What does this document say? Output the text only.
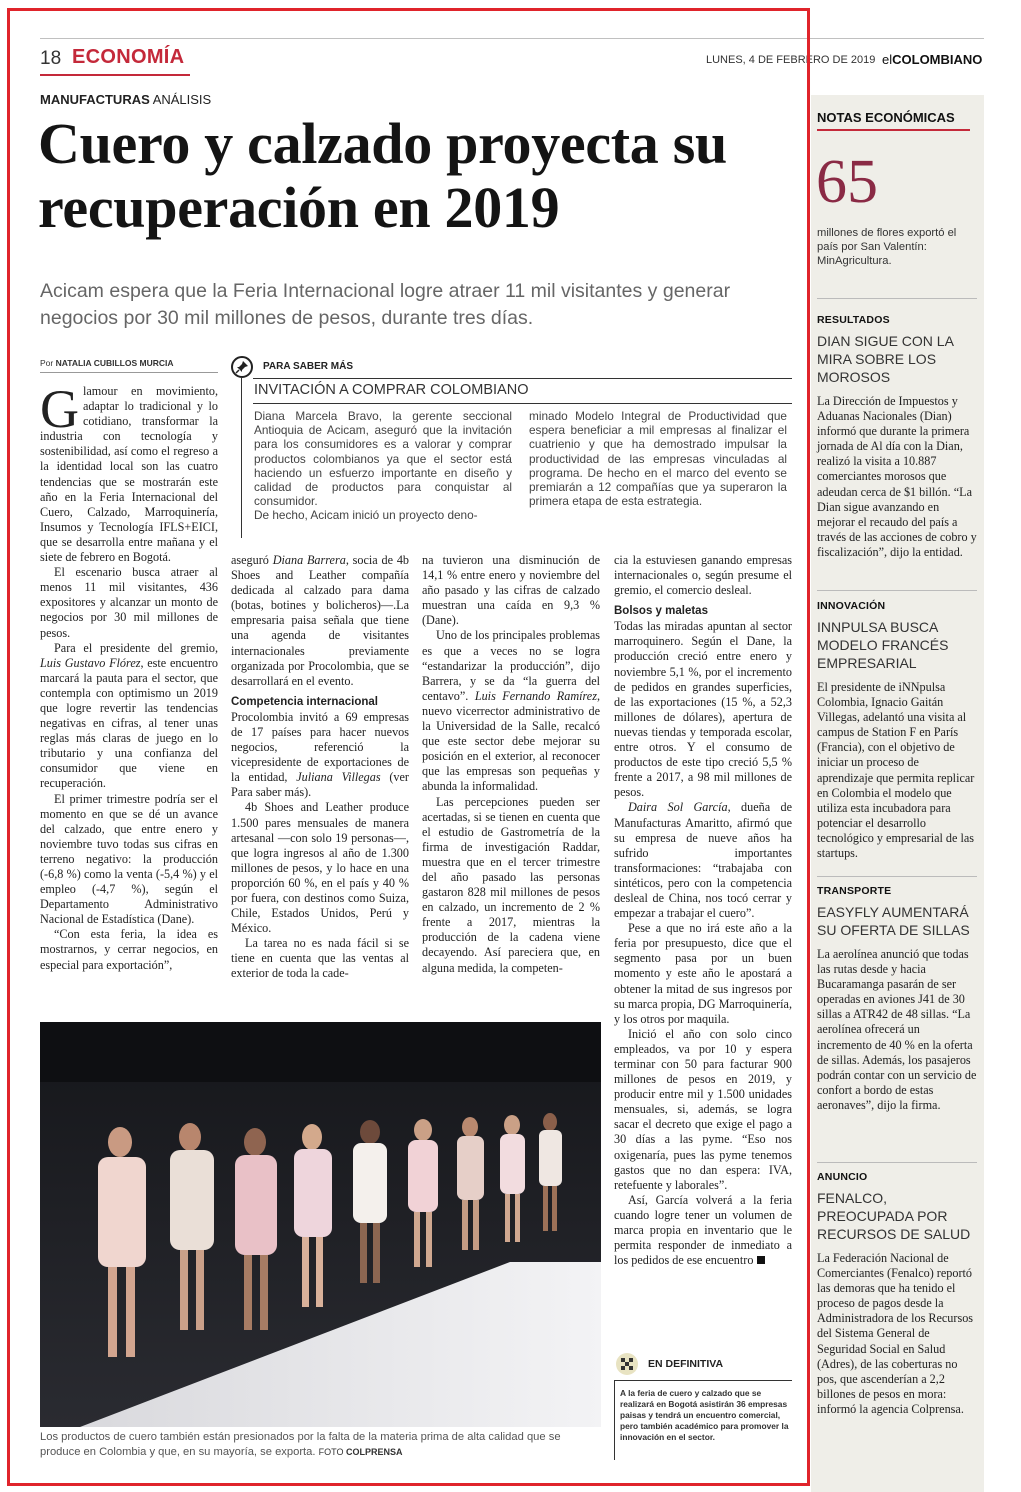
18 ECONOMÍA	LUNES, 4 DE FEBRERO DE 2019 elCOLOMBIANO
MANUFACTURAS ANÁLISIS
Cuero y calzado proyecta su recuperación en 2019
Acicam espera que la Feria Internacional logre atraer 11 mil visitantes y generar negocios por 30 mil millones de pesos, durante tres días.
Por NATALIA CUBILLOS MURCIA

Glamour en movimiento, adaptar lo tradicional y lo cotidiano, transformar la industria con tecnología y sostenibilidad, así como el regreso a la identidad local son las cuatro tendencias que se mostrarán este año en la Feria Internacional del Cuero, Calzado, Marroquinería, Insumos y Tecnología IFLS+EICI, que se desarrolla entre mañana y el siete de febrero en Bogotá.

El escenario busca atraer al menos 11 mil visitantes, 436 expositores y alcanzar un monto de negocios por 30 mil millones de pesos.

Para el presidente del gremio, Luis Gustavo Flórez, este encuentro marcará la pauta para el sector, que contempla con optimismo un 2019 que logre revertir las tendencias negativas en cifras, al tener unas reglas más claras de juego en lo tributario y una confianza del consumidor que viene en recuperación.

El primer trimestre podría ser el momento en que se dé un avance del calzado, que entre enero y noviembre tuvo todas sus cifras en terreno negativo: la producción (-6,8 %) como la venta (-5,4 %) y el empleo (-4,7 %), según el Departamento Administrativo Nacional de Estadística (Dane).

“Con esta feria, la idea es mostrarnos, y cerrar negocios, en especial para exportación”,

PARA SABER MÁS
INVITACIÓN A COMPRAR COLOMBIANO
Diana Marcela Bravo, la gerente seccional Antioquia de Acicam, aseguró que la invitación para los consumidores es a valorar y comprar productos colombianos ya que el sector está haciendo un esfuerzo importante en diseño y calidad de productos para conquistar al consumidor.
De hecho, Acicam inició un proyecto deno-
minado Modelo Integral de Productividad que espera beneficiar a mil empresas al finalizar el cuatrienio y que ha demostrado impulsar la productividad de las empresas vinculadas al programa. De hecho en el marco del evento se premiarán a 12 compañías que ya superaron la primera etapa de esta estrategia.

aseguró Diana Barrera, socia de 4b Shoes and Leather compañía dedicada al calzado para dama (botas, botines y bolicheros)—.La empresaria paisa señala que tiene una agenda de visitantes internacionales previamente organizada por Procolombia, que se desarrollará en el evento.

Competencia internacional

Procolombia invitó a 69 empresas de 17 países para hacer nuevos negocios, referenció la vicepresidente de exportaciones de la entidad, Juliana Villegas (ver Para saber más).

4b Shoes and Leather produce 1.500 pares mensuales de manera artesanal —con solo 19 personas—, que logra ingresos al año de 1.300 millones de pesos, y lo hace en una proporción 60 %, en el país y 40 % por fuera, con destinos como Suiza, Chile, Estados Unidos, Perú y México.

La tarea no es nada fácil si se tiene en cuenta que las ventas al exterior de toda la cade-

na tuvieron una disminución de 14,1 % entre enero y noviembre del año pasado y las cifras de calzado muestran una caída en 9,3 % (Dane).

Uno de los principales problemas es que a veces no se logra “estandarizar la producción”, dijo Barrera, y se da “la guerra del centavo”. Luis Fernando Ramírez, nuevo vicerrector administrativo de la Universidad de la Salle, recalcó que este sector debe mejorar su posición en el exterior, al reconocer que las empresas son pequeñas y abunda la informalidad.

Las percepciones pueden ser acertadas, si se tienen en cuenta que el estudio de Gastrometría de la firma de investigación Raddar, muestra que en el tercer trimestre del año pasado las personas gastaron 828 mil millones de pesos en calzado, un incremento de 2 % frente a 2017, mientras la producción de la cadena viene decayendo. Así pareciera que, en alguna medida, la competen-

cia la estuviesen ganando empresas internacionales o, según presume el gremio, el comercio desleal.

Bolsos y maletas

Todas las miradas apuntan al sector marroquinero. Según el Dane, la producción creció entre enero y noviembre 5,1 %, por el incremento de pedidos en grandes superficies, de las exportaciones (15 %, a 52,3 millones de dólares), apertura de nuevas tiendas y temporada escolar, entre otros. Y el consumo de productos de este tipo creció 5,5 % frente a 2017, a 98 mil millones de pesos.

Daira Sol García, dueña de Manufacturas Amaritto, afirmó que su empresa de nueve años ha sufrido importantes transformaciones: “trabajaba con sintéticos, pero con la competencia desleal de China, nos tocó cerrar y empezar a trabajar el cuero”.

Pese a que no irá este año a la feria por presupuesto, dice que el segmento pasa por un buen momento y este año le apostará a obtener la mitad de sus ingresos por su marca propia, DG Marroquinería, y los otros por maquila.

Inició el año con solo cinco empleados, va por 10 y espera terminar con 50 para facturar 900 millones de pesos en 2019, y producir entre mil y 1.500 unidades mensuales, si, además, se logra sacar el decreto que exige el pago a 30 días a las pyme. “Eso nos oxigenaría, pues las pyme tenemos gastos que no dan espera: IVA, retefuente y laborales”.

Así, García volverá a la feria cuando logre tener un volumen de marca propia en inventario que le permita responder de inmediato a los pedidos de ese encuentro

Los productos de cuero también están presionados por la falta de la materia prima de alta calidad que se produce en Colombia y que, en su mayoría, se exporta. FOTO COLPRENSA
EN DEFINITIVA
A la feria de cuero y calzado que se realizará en Bogotá asistirán 36 empresas paisas y tendrá un encuentro comercial, pero también académico para promover la innovación en el sector.
NOTAS ECONÓMICAS
65
millones de flores exportó el país por San Valentín: MinAgricultura.
RESULTADOS
DIAN SIGUE CON LA MIRA SOBRE LOS MOROSOS
La Dirección de Impuestos y Aduanas Nacionales (Dian) informó que durante la primera jornada de Al día con la Dian, realizó la visita a 10.887 comerciantes morosos que adeudan cerca de $1 billón. “La Dian sigue avanzando en mejorar el recaudo del país a través de las acciones de cobro y fiscalización”, dijo la entidad.
INNOVACIÓN
INNPULSA BUSCA MODELO FRANCÉS EMPRESARIAL
El presidente de iNNpulsa Colombia, Ignacio Gaitán Villegas, adelantó una visita al campus de Station F en París (Francia), con el objetivo de iniciar un proceso de aprendizaje que permita replicar en Colombia el modelo que utiliza esta incubadora para potenciar el desarrollo tecnológico y empresarial de las startups.
TRANSPORTE
EASYFLY AUMENTARÁ SU OFERTA DE SILLAS
La aerolínea anunció que todas las rutas desde y hacia Bucaramanga pasarán de ser operadas en aviones J41 de 30 sillas a ATR42 de 48 sillas. “La aerolínea ofrecerá un incremento de 40 % en la oferta de sillas. Además, los pasajeros podrán contar con un servicio de confort a bordo de estas aeronaves”, dijo la firma.
ANUNCIO
FENALCO, PREOCUPADA POR RECURSOS DE SALUD
La Federación Nacional de Comerciantes (Fenalco) reportó las demoras que ha tenido el proceso de pagos desde la Administradora de los Recursos del Sistema General de Seguridad Social en Salud (Adres), de las coberturas no pos, que ascenderían a 2,2 billones de pesos en mora: informó la agencia Colprensa.
